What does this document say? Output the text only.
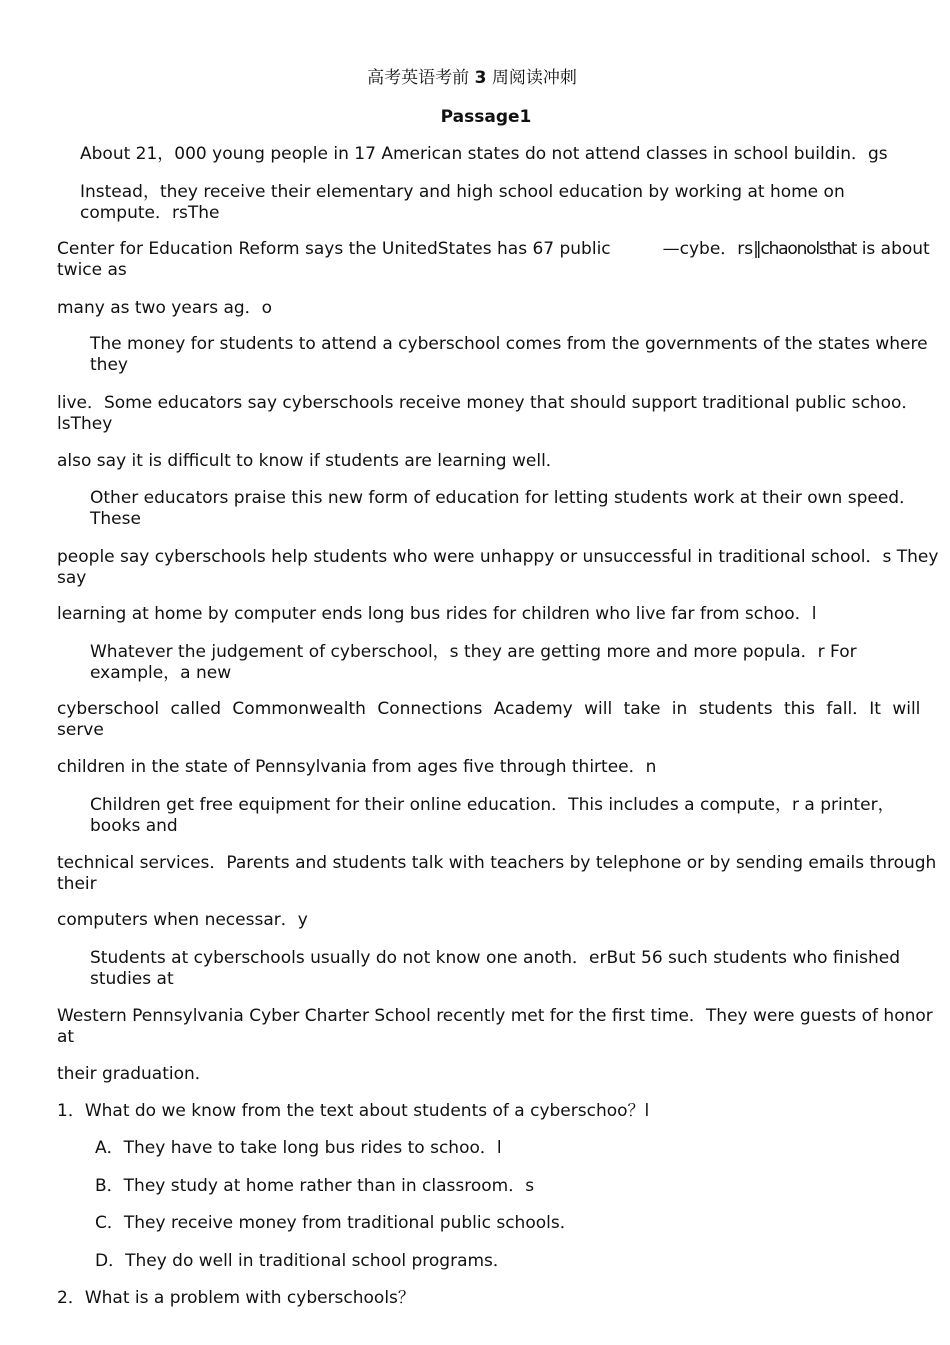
高考英语考前 3 周阅读冲刺
Passage1

About 21，000 young people in 17 American states do not attend classes in school buildin．gs

Instead，they receive their elementary and high school education by working at home on compute．rsThe

Center for Education Reform says the UnitedStates has 67 public	—cybe．rs‖chaonolsthat is about twice as

many as two years ag．o

The money for students to attend a cyberschool comes from the governments of the states where they

live．Some educators say cyberschools receive money that should support traditional public schoo．lsThey

also say it is difficult to know if students are learning well．

Other educators praise this new form of education for letting students work at their own speed．These

people say cyberschools help students who were unhappy or unsuccessful in traditional school．s They say

learning at home by computer ends long bus rides for children who live far from schoo．l

Whatever the judgement of cyberschool，s they are getting more and more popula．r For example，a new

cyberschool called Commonwealth Connections Academy will take in students this fall．It will serve

children in the state of Pennsylvania from ages five through thirtee．n

Children get free equipment for their online education．This includes a compute，r a printer，books and

technical services．Parents and students talk with teachers by telephone or by sending emails through their

computers when necessar．y

Students at cyberschools usually do not know one anoth．erBut 56 such students who finished studies at

Western Pennsylvania Cyber Charter School recently met for the first time．They were guests of honor at

their graduation．

1．What do we know from the text about students of a cyberschoo？l

A．They have to take long bus rides to schoo．l

B．They study at home rather than in classroom．s

C．They receive money from traditional public schools．

D．They do well in traditional school programs．

2．What is a problem with cyberschools？
